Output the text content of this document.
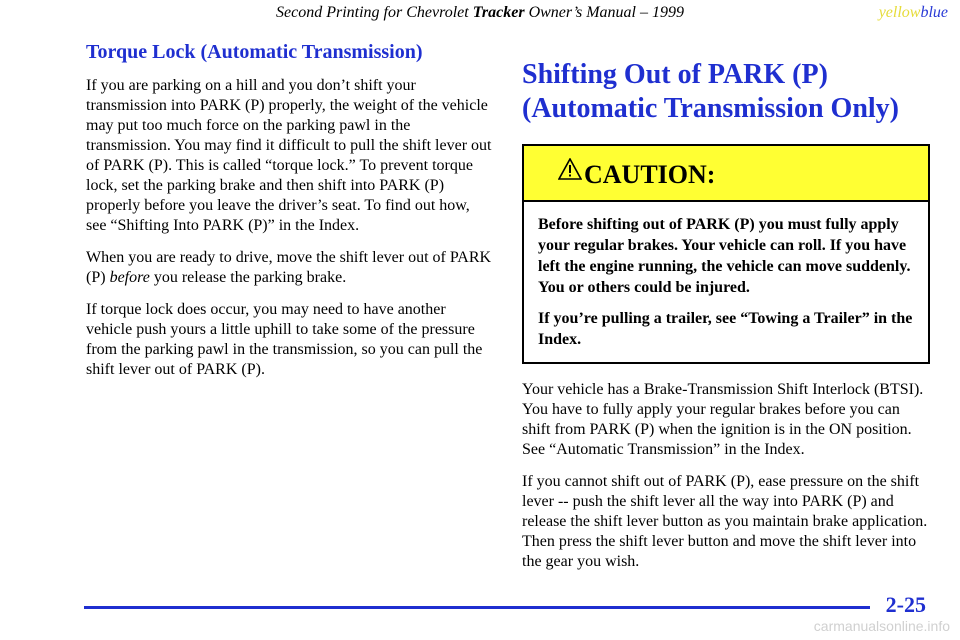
Second Printing for Chevrolet Tracker Owner’s Manual – 1999	yellowblue
Torque Lock (Automatic Transmission)

If you are parking on a hill and you don’t shift your transmission into PARK (P) properly, the weight of the vehicle may put too much force on the parking pawl in the transmission. You may find it difficult to pull the shift lever out of PARK (P). This is called “torque lock.” To prevent torque lock, set the parking brake and then shift into PARK (P) properly before you leave the driver’s seat. To find out how, see “Shifting Into PARK (P)” in the Index.

When you are ready to drive, move the shift lever out of PARK (P) before you release the parking brake.

If torque lock does occur, you may need to have another vehicle push yours a little uphill to take some of the pressure from the parking pawl in the transmission, so you can pull the shift lever out of PARK (P).

Shifting Out of PARK (P)
(Automatic Transmission Only)
CAUTION:

Before shifting out of PARK (P) you must fully apply your regular brakes. Your vehicle can roll. If you have left the engine running, the vehicle can move suddenly. You or others could be injured.

If you’re pulling a trailer, see “Towing a Trailer” in the Index.

Your vehicle has a Brake-Transmission Shift Interlock (BTSI). You have to fully apply your regular brakes before you can shift from PARK (P) when the ignition is in the ON position. See “Automatic Transmission” in the Index.

If you cannot shift out of PARK (P), ease pressure on the shift lever -- push the shift lever all the way into PARK (P) and release the shift lever button as you maintain brake application. Then press the shift lever button and move the shift lever into the gear you wish.

2-25
carmanualsonline.info
